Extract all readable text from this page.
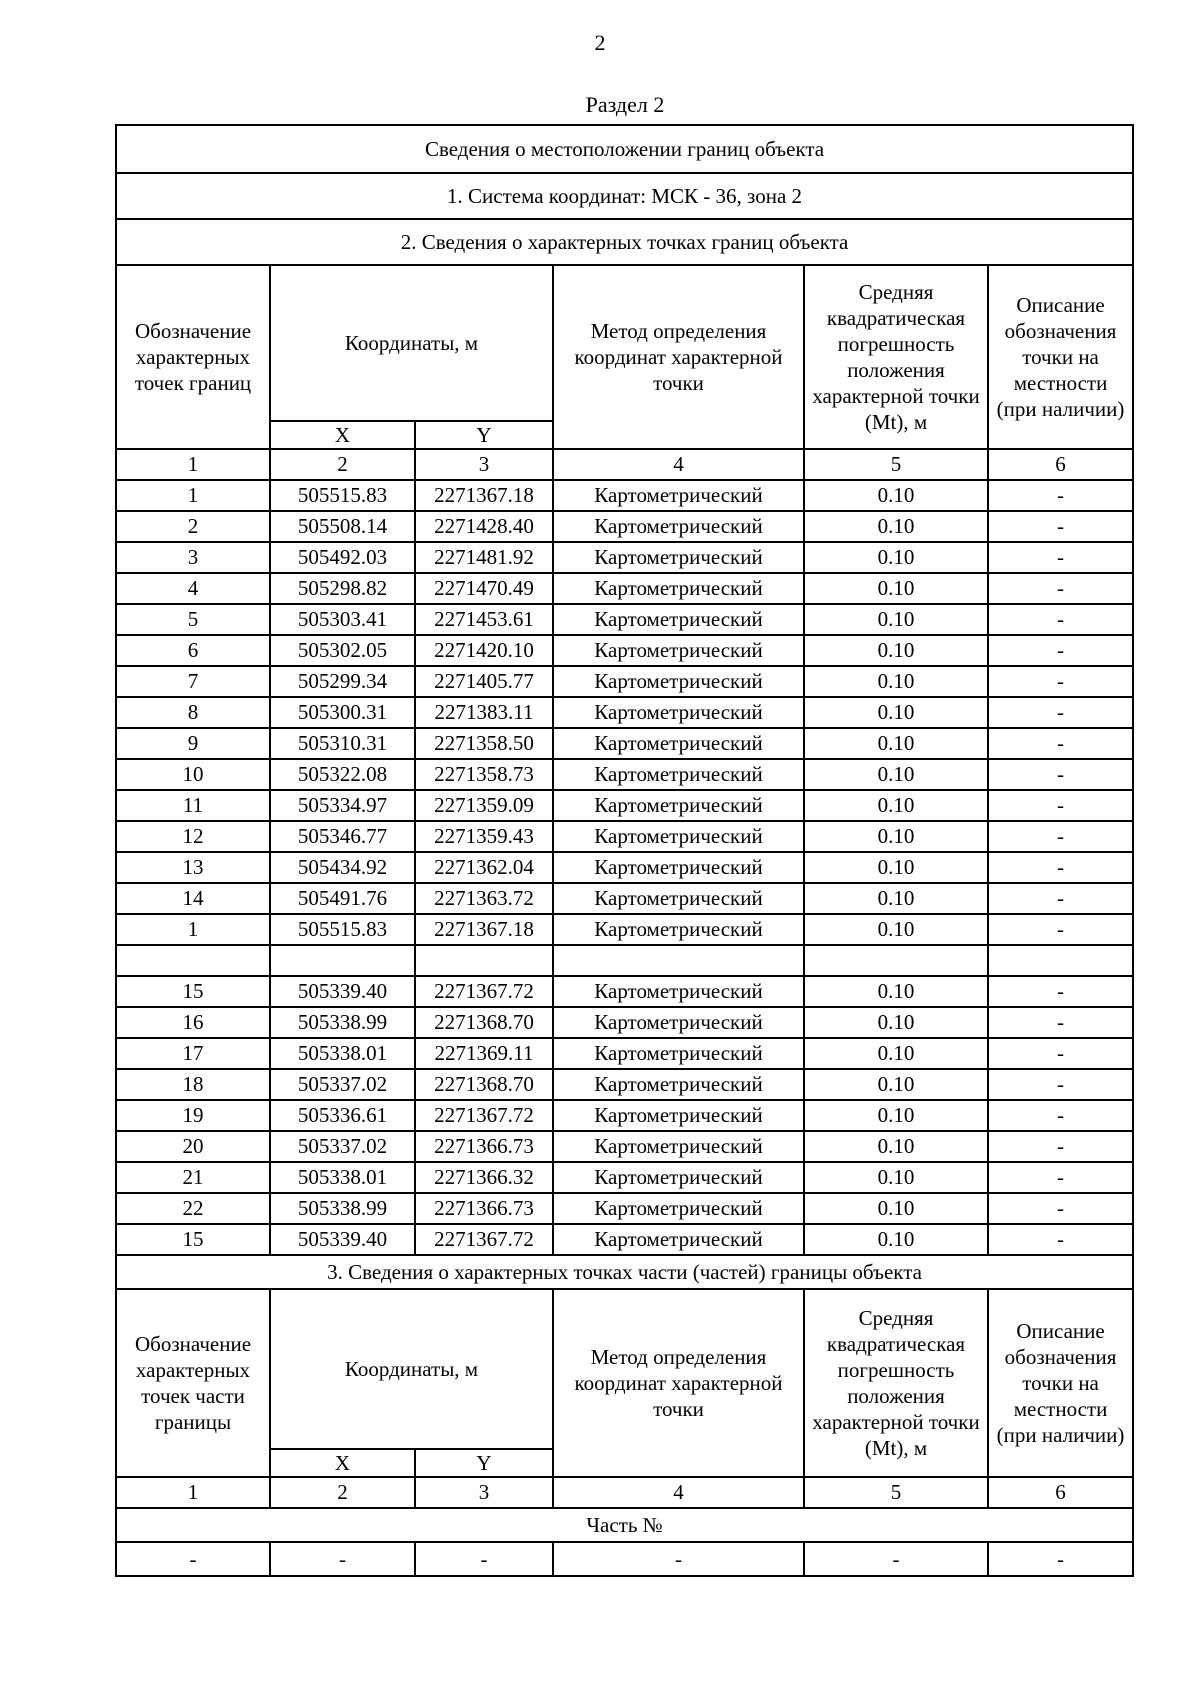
2
Раздел 2
Сведения о местоположении границ объекта					
1. Система координат: МСК - 36, зона 2					
2. Сведения о характерных точках границ объекта					
Обозначение характерных точек границ	Координаты, м		Метод определения координат характерной точки	Средняя квадратическая погрешность положения характерной точки (Mt), м	Описание обозначения точки на местности (при наличии)
	X	Y			
1	2	3	4	5	6
1	505515.83	2271367.18	Картометрический	0.10	-
2	505508.14	2271428.40	Картометрический	0.10	-
3	505492.03	2271481.92	Картометрический	0.10	-
4	505298.82	2271470.49	Картометрический	0.10	-
5	505303.41	2271453.61	Картометрический	0.10	-
6	505302.05	2271420.10	Картометрический	0.10	-
7	505299.34	2271405.77	Картометрический	0.10	-
8	505300.31	2271383.11	Картометрический	0.10	-
9	505310.31	2271358.50	Картометрический	0.10	-
10	505322.08	2271358.73	Картометрический	0.10	-
11	505334.97	2271359.09	Картометрический	0.10	-
12	505346.77	2271359.43	Картометрический	0.10	-
13	505434.92	2271362.04	Картометрический	0.10	-
14	505491.76	2271363.72	Картометрический	0.10	-
1	505515.83	2271367.18	Картометрический	0.10	-

15	505339.40	2271367.72	Картометрический	0.10	-
16	505338.99	2271368.70	Картометрический	0.10	-
17	505338.01	2271369.11	Картометрический	0.10	-
18	505337.02	2271368.70	Картометрический	0.10	-
19	505336.61	2271367.72	Картометрический	0.10	-
20	505337.02	2271366.73	Картометрический	0.10	-
21	505338.01	2271366.32	Картометрический	0.10	-
22	505338.99	2271366.73	Картометрический	0.10	-
15	505339.40	2271367.72	Картометрический	0.10	-
3. Сведения о характерных точках части (частей) границы объекта					
Обозначение характерных точек части границы	Координаты, м		Метод определения координат характерной точки	Средняя квадратическая погрешность положения характерной точки (Mt), м	Описание обозначения точки на местности (при наличии)
	X	Y			
1	2	3	4	5	6
Часть №					
-	-	-	-	-	-
